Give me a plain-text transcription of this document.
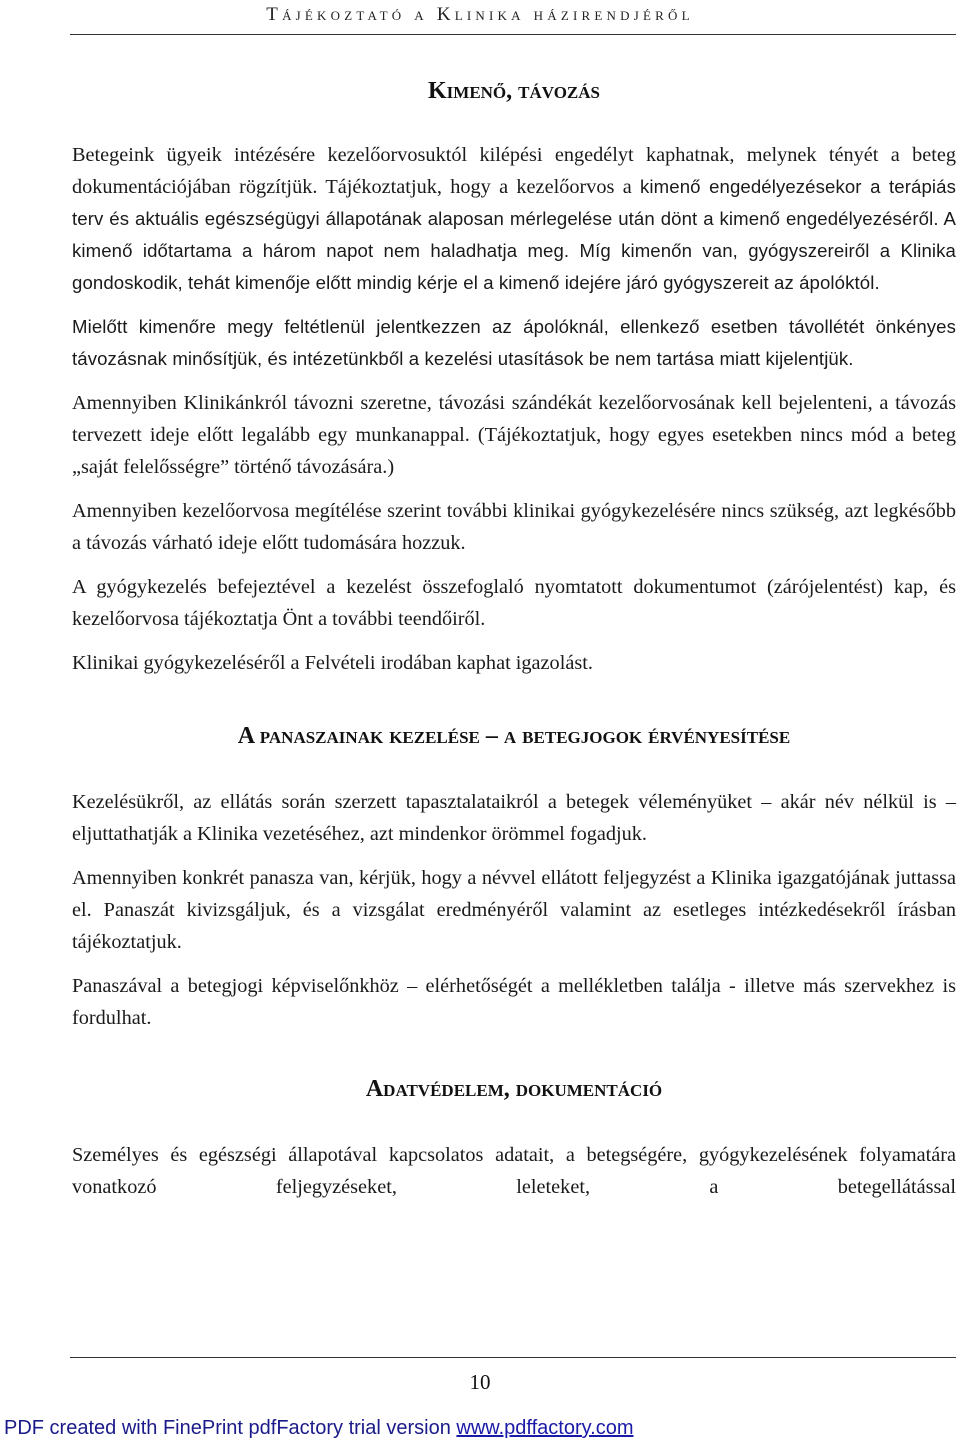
Tájékoztató a Klinika házirendjéről
Kimenő, távozás

Betegeink ügyeik intézésére kezelőorvosuktól kilépési engedélyt kaphatnak, melynek tényét a beteg dokumentációjában rögzítjük. Tájékoztatjuk, hogy a kezelőorvos a kimenő engedélyezésekor a terápiás terv és aktuális egészségügyi állapotának alaposan mérlegelése után dönt a kimenő engedélyezéséről. A kimenő időtartama a három napot nem haladhatja meg. Míg kimenőn van, gyógyszereiről a Klinika gondoskodik, tehát kimenője előtt mindig kérje el a kimenő idejére járó gyógyszereit az ápolóktól.

Mielőtt kimenőre megy feltétlenül jelentkezzen az ápolóknál, ellenkező esetben távollétét önkényes távozásnak minősítjük, és intézetünkből a kezelési utasítások be nem tartása miatt kijelentjük.

Amennyiben Klinikánkról távozni szeretne, távozási szándékát kezelőorvosának kell bejelenteni, a távozás tervezett ideje előtt legalább egy munkanappal. (Tájékoztatjuk, hogy egyes esetekben nincs mód a beteg „saját felelősségre” történő távozására.)

Amennyiben kezelőorvosa megítélése szerint további klinikai gyógykezelésére nincs szükség, azt legkésőbb a távozás várható ideje előtt tudomására hozzuk.

A gyógykezelés befejeztével a kezelést összefoglaló nyomtatott dokumentumot (zárójelentést) kap, és kezelőorvosa tájékoztatja Önt a további teendőiről.

Klinikai gyógykezeléséről a Felvételi irodában kaphat igazolást.

A panaszainak kezelése – a betegjogok érvényesítése

Kezelésükről, az ellátás során szerzett tapasztalataikról a betegek véleményüket – akár név nélkül is – eljuttathatják a Klinika vezetéséhez, azt mindenkor örömmel fogadjuk.

Amennyiben konkrét panasza van, kérjük, hogy a névvel ellátott feljegyzést a Klinika igazgatójának juttassa el. Panaszát kivizsgáljuk, és a vizsgálat eredményéről valamint az esetleges intézkedésekről írásban tájékoztatjuk.

Panaszával a betegjogi képviselőnkhöz – elérhetőségét a mellékletben találja - illetve más szervekhez is fordulhat.

Adatvédelem, dokumentáció

Személyes és egészségi állapotával kapcsolatos adatait, a betegségére, gyógykezelésének folyamatára vonatkozó feljegyzéseket, leleteket, a betegellátással

10
PDF created with FinePrint pdfFactory trial version www.pdffactory.com
